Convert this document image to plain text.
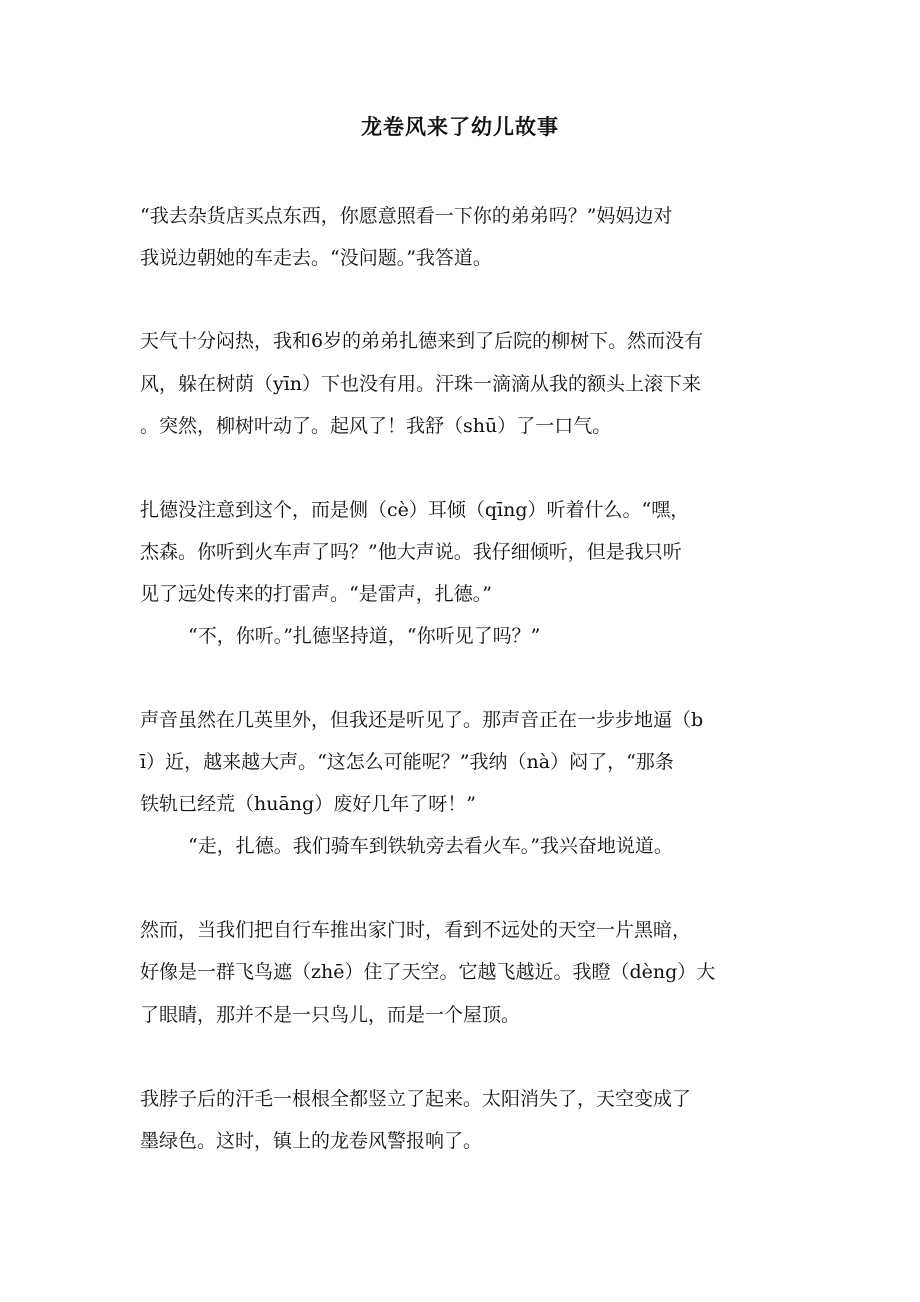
龙卷风来了幼儿故事
“我去杂货店买点东西，你愿意照看一下你的弟弟吗？”妈妈边对
我说边朝她的车走去。“没问题。”我答道。
天气十分闷热，我和6岁的弟弟扎德来到了后院的柳树下。然而没有
风，躲在树荫（yīn）下也没有用。汗珠一滴滴从我的额头上滚下来
。突然，柳树叶动了。起风了！我舒（shū）了一口气。
扎德没注意到这个，而是侧（cè）耳倾（qīng）听着什么。“嘿，
杰森。你听到火车声了吗？”他大声说。我仔细倾听，但是我只听
见了远处传来的打雷声。“是雷声，扎德。”
“不，你听。”扎德坚持道，“你听见了吗？”
声音虽然在几英里外，但我还是听见了。那声音正在一步步地逼（b
ī）近，越来越大声。“这怎么可能呢？”我纳（nà）闷了，“那条
铁轨已经荒（huāng）废好几年了呀！”
“走，扎德。我们骑车到铁轨旁去看火车。”我兴奋地说道。
然而，当我们把自行车推出家门时，看到不远处的天空一片黑暗，
好像是一群飞鸟遮（zhē）住了天空。它越飞越近。我瞪（dèng）大
了眼睛，那并不是一只鸟儿，而是一个屋顶。
我脖子后的汗毛一根根全都竖立了起来。太阳消失了，天空变成了
墨绿色。这时，镇上的龙卷风警报响了。
